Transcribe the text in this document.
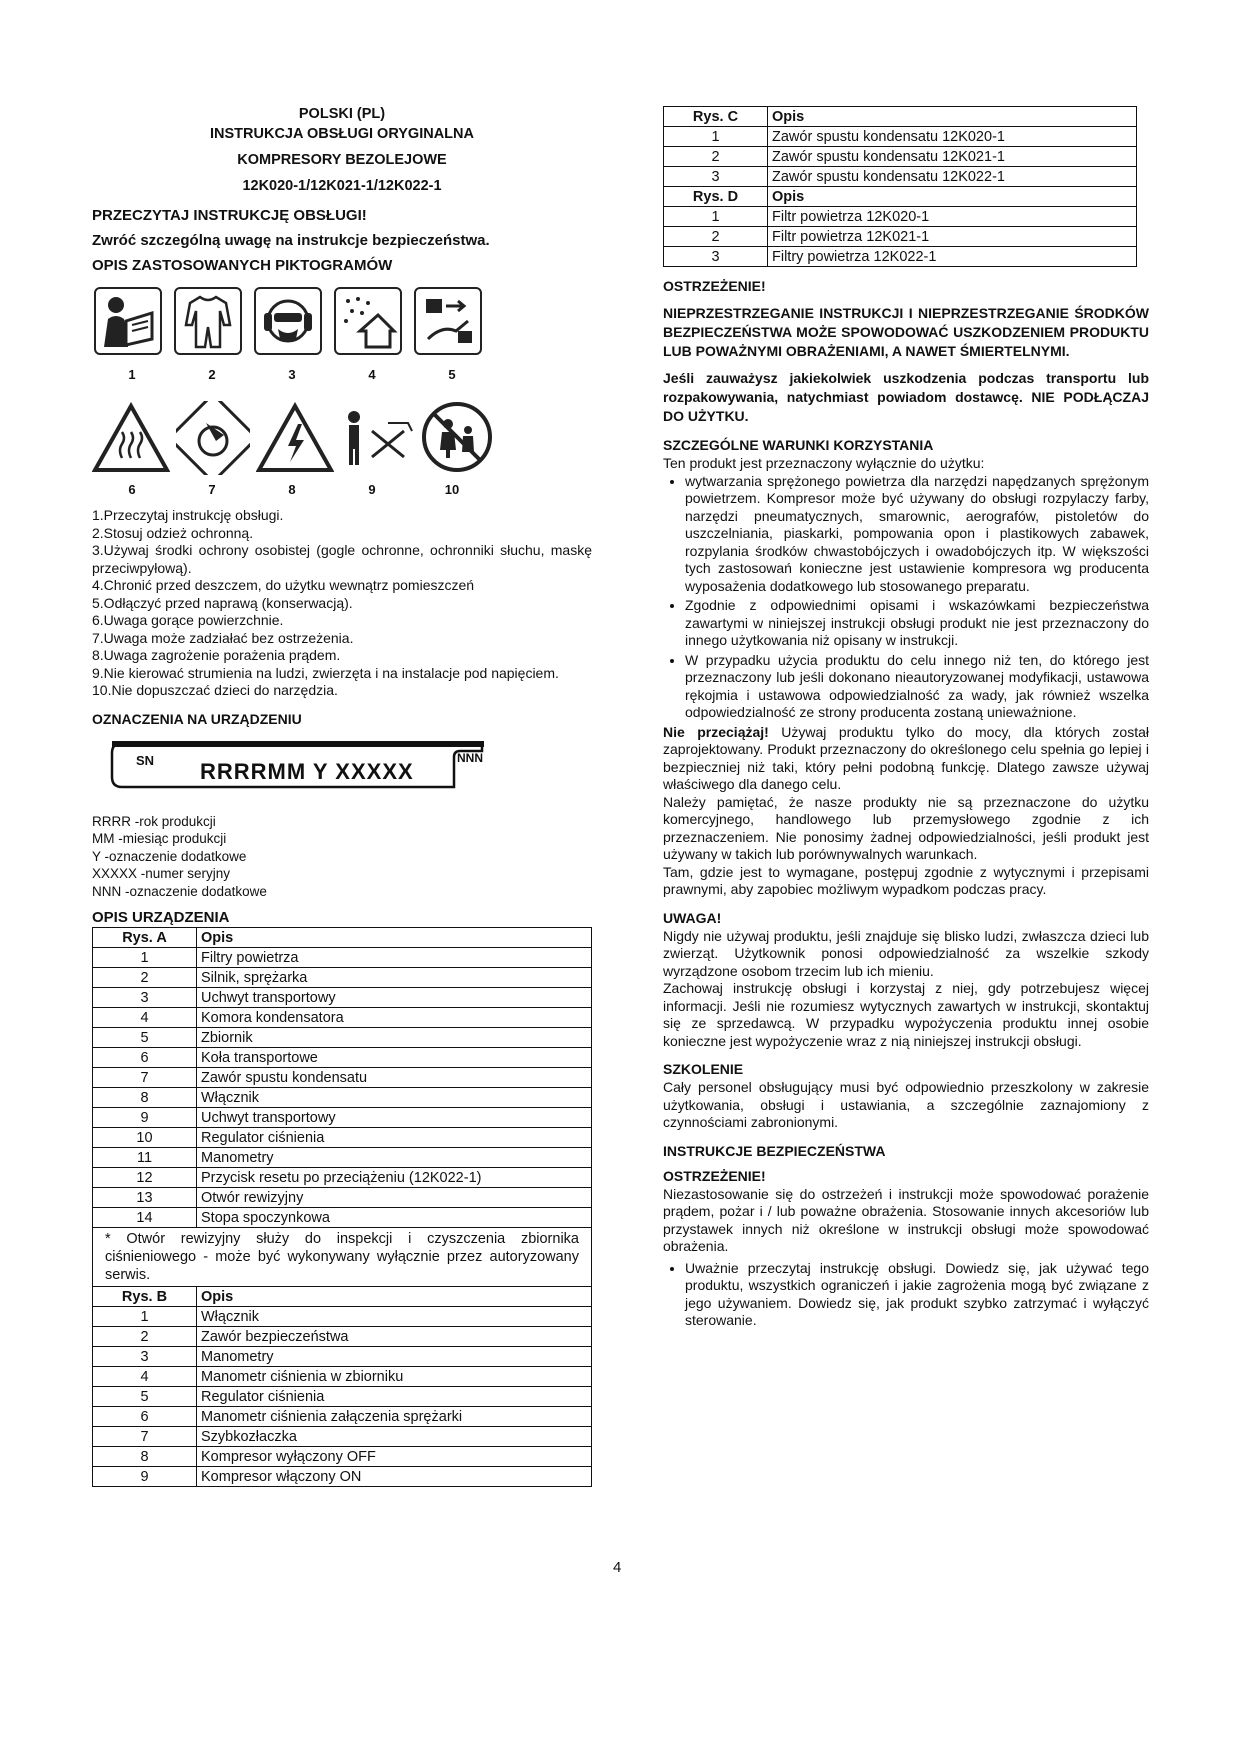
POLSKI (PL)
INSTRUKCJA OBSŁUGI ORYGINALNA
KOMPRESORY BEZOLEJOWE
12K020-1/12K021-1/12K022-1
PRZECZYTAJ INSTRUKCJĘ OBSŁUGI!
Zwróć szczególną uwagę na instrukcje bezpieczeństwa.
OPIS ZASTOSOWANYCH PIKTOGRAMÓW
1	2	3	4	5
6	7	8	9	10
1.Przeczytaj instrukcję obsługi.
2.Stosuj odzież ochronną.
3.Używaj środki ochrony osobistej (gogle ochronne, ochronniki słuchu, maskę przeciwpyłową).
4.Chronić przed deszczem, do użytku wewnątrz pomieszczeń
5.Odłączyć przed naprawą (konserwacją).
6.Uwaga gorące powierzchnie.
7.Uwaga może zadziałać bez ostrzeżenia.
8.Uwaga zagrożenie porażenia prądem.
9.Nie kierować strumienia na ludzi, zwierzęta i na instalacje pod napięciem.
10.Nie dopuszczać dzieci do narzędzia.
OZNACZENIA NA URZĄDZENIU
SN RRRRMM Y XXXXX
NNN
RRRR -rok produkcji
MM -miesiąc produkcji
Y -oznaczenie dodatkowe
XXXXX -numer seryjny
NNN -oznaczenie dodatkowe
OPIS URZĄDZENIA
Rys. A	Opis
1	Filtry powietrza
2	Silnik, sprężarka
3	Uchwyt transportowy
4	Komora kondensatora
5	Zbiornik
6	Koła transportowe
7	Zawór spustu kondensatu
8	Włącznik
9	Uchwyt transportowy
10	Regulator ciśnienia
11	Manometry
12	Przycisk resetu po przeciążeniu (12K022-1)
13	Otwór rewizyjny
14	Stopa spoczynkowa
* Otwór rewizyjny służy do inspekcji i czyszczenia zbiornika ciśnieniowego - może być wykonywany wyłącznie przez autoryzowany serwis.	
Rys. B	Opis
1	Włącznik
2	Zawór bezpieczeństwa
3	Manometry
4	Manometr ciśnienia w zbiorniku
5	Regulator ciśnienia
6	Manometr ciśnienia załączenia sprężarki
7	Szybkozłaczka
8	Kompresor wyłączony OFF
9	Kompresor włączony ON
Rys. C	Opis
1	Zawór spustu kondensatu 12K020-1
2	Zawór spustu kondensatu 12K021-1
3	Zawór spustu kondensatu 12K022-1
Rys. D	Opis
1	Filtr powietrza 12K020-1
2	Filtr powietrza 12K021-1
3	Filtry powietrza 12K022-1
OSTRZEŻENIE!
NIEPRZESTRZEGANIE INSTRUKCJI I NIEPRZESTRZEGANIE ŚRODKÓW BEZPIECZEŃSTWA MOŻE SPOWODOWAĆ USZKODZENIEM PRODUKTU LUB POWAŻNYMI OBRAŻENIAMI, A NAWET ŚMIERTELNYMI.
Jeśli zauważysz jakiekolwiek uszkodzenia podczas transportu lub rozpakowywania, natychmiast powiadom dostawcę. NIE PODŁĄCZAJ DO UŻYTKU.
SZCZEGÓLNE WARUNKI KORZYSTANIA
Ten produkt jest przeznaczony wyłącznie do użytku:
• wytwarzania sprężonego powietrza dla narzędzi napędzanych sprężonym powietrzem. Kompresor może być używany do obsługi rozpylaczy farby, narzędzi pneumatycznych, smarownic, aerografów, pistoletów do uszczelniania, piaskarki, pompowania opon i plastikowych zabawek, rozpylania środków chwastobójczych i owadobójczych itp. W większości tych zastosowań konieczne jest ustawienie kompresora wg producenta wyposażenia dodatkowego lub stosowanego preparatu.
• Zgodnie z odpowiednimi opisami i wskazówkami bezpieczeństwa zawartymi w niniejszej instrukcji obsługi produkt nie jest przeznaczony do innego użytkowania niż opisany w instrukcji.
• W przypadku użycia produktu do celu innego niż ten, do którego jest przeznaczony lub jeśli dokonano nieautoryzowanej modyfikacji, ustawowa rękojmia i ustawowa odpowiedzialność za wady, jak również wszelka odpowiedzialność ze strony producenta zostaną unieważnione.
Nie przeciążaj! Używaj produktu tylko do mocy, dla których został zaprojektowany. Produkt przeznaczony do określonego celu spełnia go lepiej i bezpieczniej niż taki, który pełni podobną funkcję. Dlatego zawsze używaj właściwego dla danego celu.
Należy pamiętać, że nasze produkty nie są przeznaczone do użytku komercyjnego, handlowego lub przemysłowego zgodnie z ich przeznaczeniem. Nie ponosimy żadnej odpowiedzialności, jeśli produkt jest używany w takich lub porównywalnych warunkach.
Tam, gdzie jest to wymagane, postępuj zgodnie z wytycznymi i przepisami prawnymi, aby zapobiec możliwym wypadkom podczas pracy.
UWAGA!
Nigdy nie używaj produktu, jeśli znajduje się blisko ludzi, zwłaszcza dzieci lub zwierząt. Użytkownik ponosi odpowiedzialność za wszelkie szkody wyrządzone osobom trzecim lub ich mieniu.
Zachowaj instrukcję obsługi i korzystaj z niej, gdy potrzebujesz więcej informacji. Jeśli nie rozumiesz wytycznych zawartych w instrukcji, skontaktuj się ze sprzedawcą. W przypadku wypożyczenia produktu innej osobie konieczne jest wypożyczenie wraz z nią niniejszej instrukcji obsługi.
SZKOLENIE
Cały personel obsługujący musi być odpowiednio przeszkolony w zakresie użytkowania, obsługi i ustawiania, a szczególnie zaznajomiony z czynnościami zabronionymi.
INSTRUKCJE BEZPIECZEŃSTWA
OSTRZEŻENIE!
Niezastosowanie się do ostrzeżeń i instrukcji może spowodować porażenie prądem, pożar i / lub poważne obrażenia. Stosowanie innych akcesoriów lub przystawek innych niż określone w instrukcji obsługi może spowodować obrażenia.
• Uważnie przeczytaj instrukcję obsługi. Dowiedz się, jak używać tego produktu, wszystkich ograniczeń i jakie zagrożenia mogą być związane z jego używaniem. Dowiedz się, jak produkt szybko zatrzymać i wyłączyć sterowanie.
4
